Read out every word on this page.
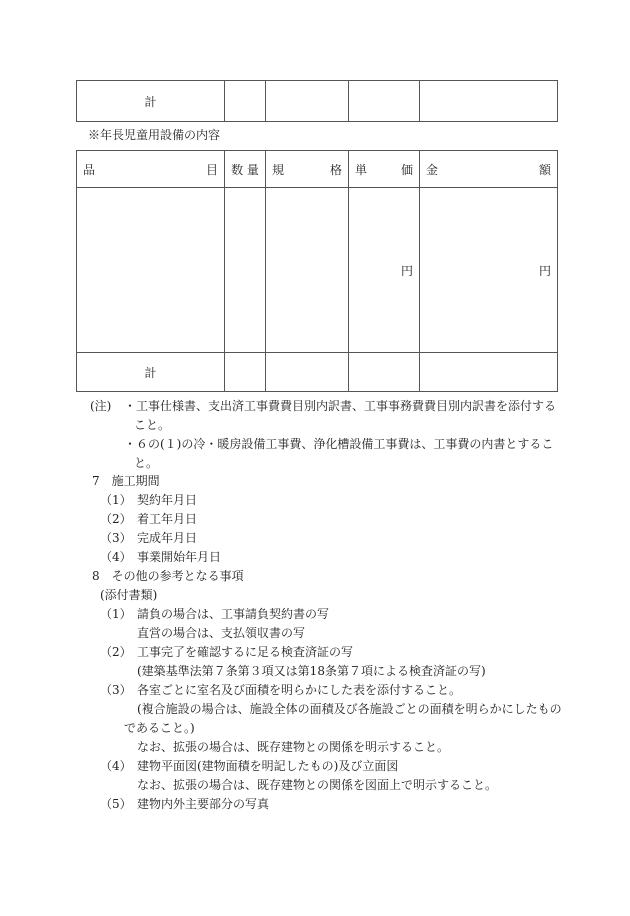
計				
※年長児童用設備の内容
品 目	数 量	規 格	単 価	金 額

			円	円
計				
(注) ・工事仕様書、支出済工事費費目別内訳書、工事事務費費目別内訳書を添付する
こと。
・６の(１)の冷・暖房設備工事費、浄化槽設備工事費は、工事費の内書とするこ
と。
7　施工期間
（1） 契約年月日
（2） 着工年月日
（3） 完成年月日
（4） 事業開始年月日
8　その他の参考となる事項
(添付書類)
（1） 請負の場合は、工事請負契約書の写
直営の場合は、支払領収書の写
（2） 工事完了を確認するに足る検査済証の写
(建築基準法第７条第３項又は第18条第７項による検査済証の写)
（3） 各室ごとに室名及び面積を明らかにした表を添付すること。
(複合施設の場合は、施設全体の面積及び各施設ごとの面積を明らかにしたもの
であること。)
なお、拡張の場合は、既存建物との関係を明示すること。
（4） 建物平面図(建物面積を明記したもの)及び立面図
なお、拡張の場合は、既存建物との関係を図面上で明示すること。
（5） 建物内外主要部分の写真
